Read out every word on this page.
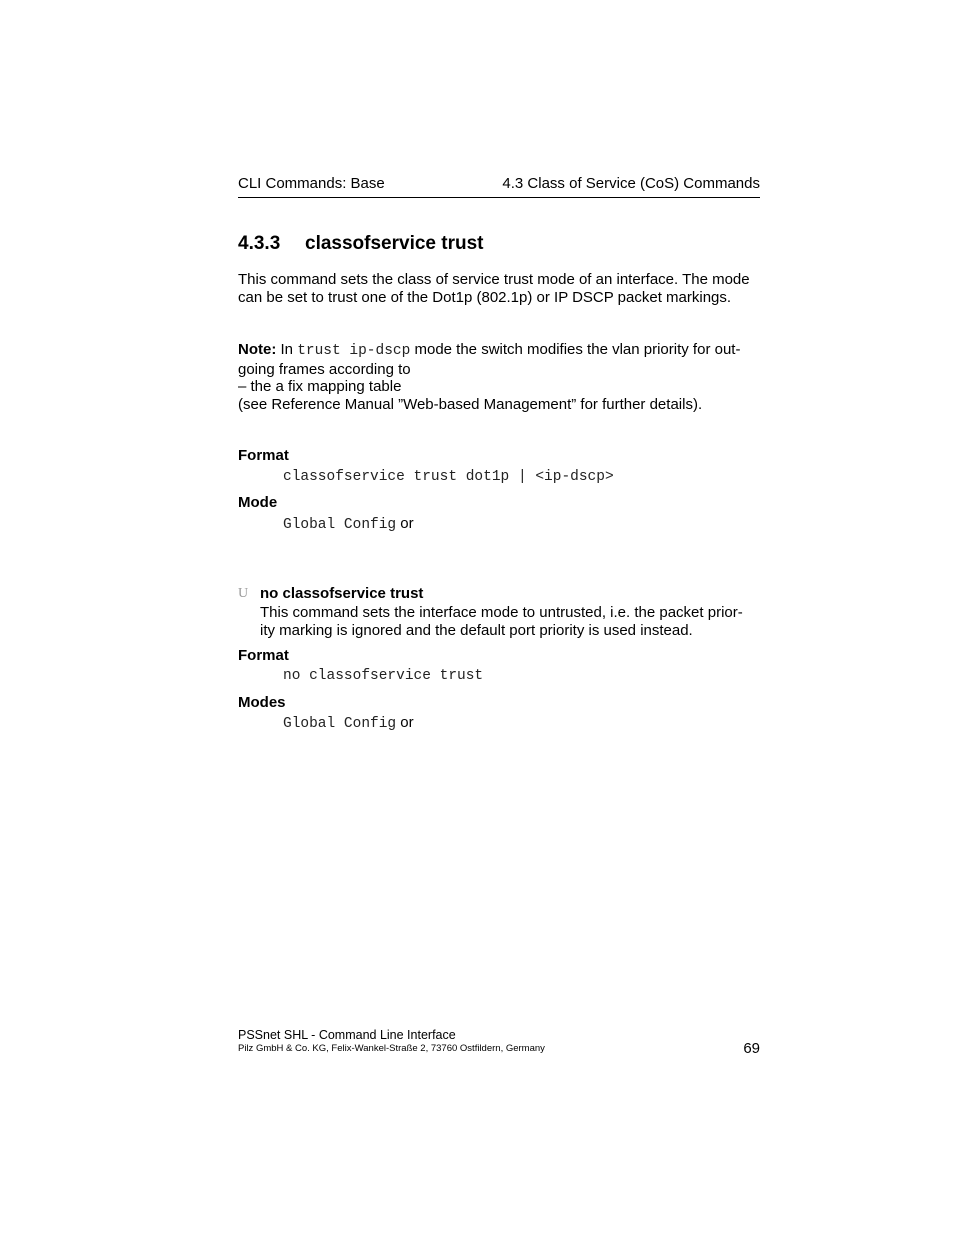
CLI Commands: Base	4.3 Class of Service (CoS) Commands
4.3.3 classofservice trust
This command sets the class of service trust mode of an interface. The mode
can be set to trust one of the Dot1p (802.1p) or IP DSCP packet markings.
Note: In trust ip-dscp mode the switch modifies the vlan priority for out-
going frames according to
– the a fix mapping table
(see Reference Manual ”Web-based Management” for further details).
Format
classofservice trust dot1p | <ip-dscp>
Mode
Global Config or
U no classofservice trust
This command sets the interface mode to untrusted, i.e. the packet prior-
ity marking is ignored and the default port priority is used instead.
Format
no classofservice trust
Modes
Global Config or
PSSnet SHL - Command Line Interface
Pilz GmbH & Co. KG, Felix-Wankel-Straße 2, 73760 Ostfildern, Germany	69
